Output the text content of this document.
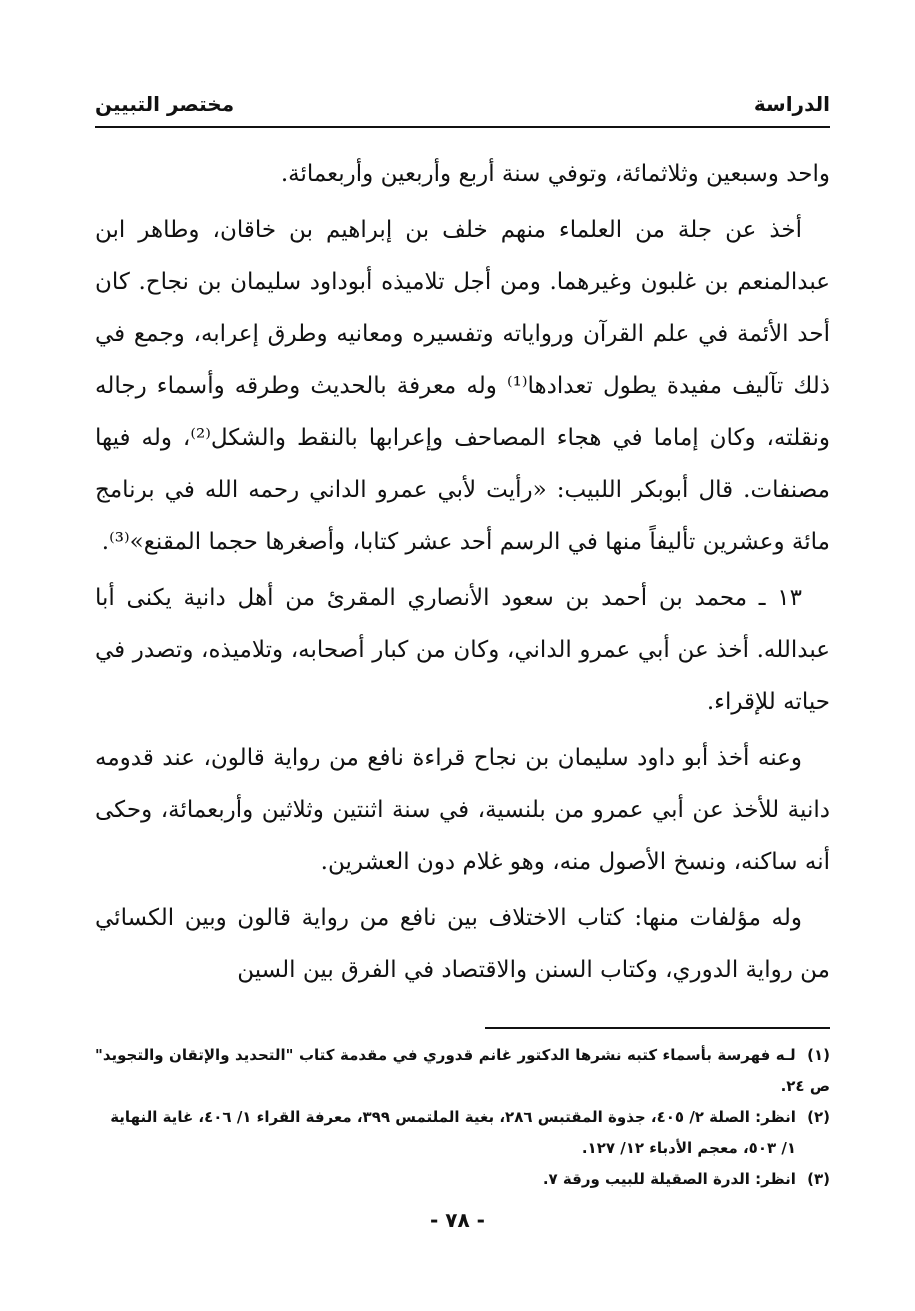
الدراسة
مختصر التبيين

واحد وسبعين وثلاثمائة، وتوفي سنة أربع وأربعين وأربعمائة.

أخذ عن جلة من العلماء منهم خلف بن إبراهيم بن خاقان، وطاهر ابن عبدالمنعم بن غلبون وغيرهما. ومن أجل تلاميذه أبوداود سليمان بن نجاح. كان أحد الأئمة في علم القرآن ورواياته وتفسيره ومعانيه وطرق إعرابه، وجمع في ذلك تآليف مفيدة يطول تعدادها⁽¹⁾ وله معرفة بالحديث وطرقه وأسماء رجاله ونقلته، وكان إماما في هجاء المصاحف وإعرابها بالنقط والشكل⁽²⁾، وله فيها مصنفات. قال أبوبكر اللبيب: «رأيت لأبي عمرو الداني رحمه الله في برنامج مائة وعشرين تأليفاً منها في الرسم أحد عشر كتابا، وأصغرها حجما المقنع»⁽³⁾.

١٣ ـ محمد بن أحمد بن سعود الأنصاري المقرئ من أهل دانية يكنى أبا عبدالله. أخذ عن أبي عمرو الداني، وكان من كبار أصحابه، وتلاميذه، وتصدر في حياته للإقراء.

وعنه أخذ أبو داود سليمان بن نجاح قراءة نافع من رواية قالون، عند قدومه دانية للأخذ عن أبي عمرو من بلنسية، في سنة اثنتين وثلاثين وأربعمائة، وحكى أنه ساكنه، ونسخ الأصول منه، وهو غلام دون العشرين.

وله مؤلفات منها: كتاب الاختلاف بين نافع من رواية قالون وبين الكسائي من رواية الدوري، وكتاب السنن والاقتصاد في الفرق بين السين

(١) لـه فهرسة بأسماء كتبه نشرها الدكتور غانم قدوري في مقدمة كتاب "التحديد والإتقان والتجويد" ص ٢٤.

(٢) انظر: الصلة ٢/ ٤٠٥، جذوة المقتبس ٢٨٦، بغية الملتمس ٣٩٩، معرفة القراء ١/ ٤٠٦، غاية النهاية

١/ ٥٠٣، معجم الأدباء ١٢/ ١٢٧.

(٣) انظر: الدرة الصقيلة للبيب ورقة ٧.

- ٧٨ -
